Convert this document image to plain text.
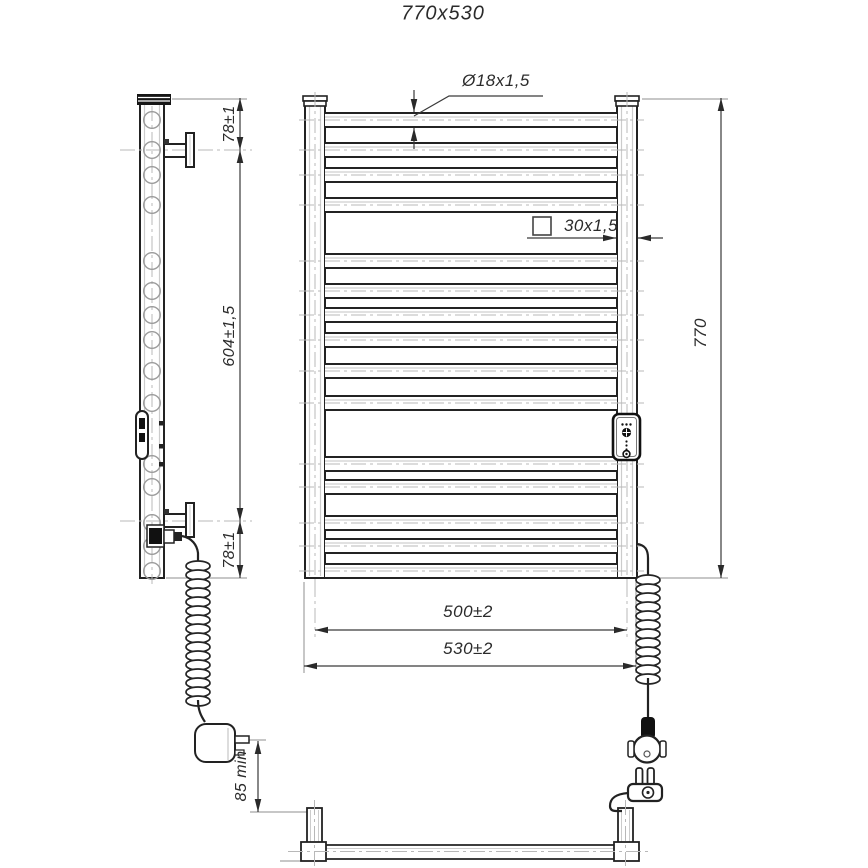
770x530
Ø18x1,5
30x1,5
78±1
604±1,5
78±1
770
500±2
530±2
85 min
